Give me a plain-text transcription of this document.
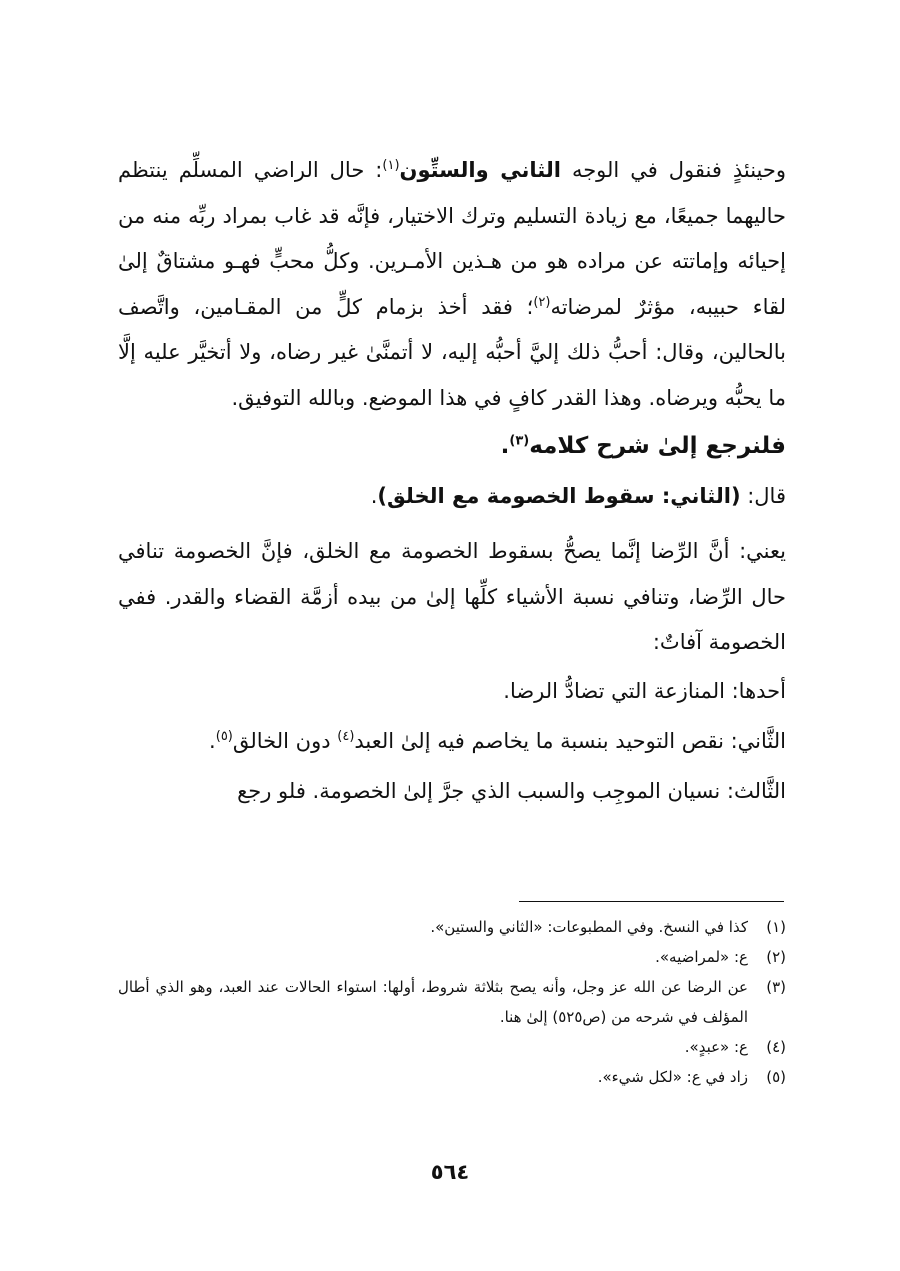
وحينئذٍ فنقول في الوجه الثاني والستِّون$^{(١)}$: حال الراضي المسلِّم ينتظم حاليهما جميعًا، مع زيادة التسليم وترك الاختيار، فإنَّه قد غاب بمراد ربِّه منه من إحيائه وإماتته عن مراده هو من هـذين الأمـرين. وكلُّ محبٍّ فهـو مشتاقٌ إلىٰ لقاء حبيبه، مؤثرٌ لمرضاته$^{(٢)}$؛ فقد أخذ بزمام كلٍّ من المقـامين، واتَّصف بالحالين، وقال: أحبُّ ذلك إليَّ أحبُّه إليه، لا أتمنَّىٰ غير رضاه، ولا أتخيَّر عليه إلَّا ما يحبُّه ويرضاه. وهذا القدر كافٍ في هذا الموضع. وبالله التوفيق.

فلنرجع إلىٰ شرح كلامه$^{(٣)}$.

قال: (الثاني: سقوط الخصومة مع الخلق).

يعني: أنَّ الرِّضا إنَّما يصحُّ بسقوط الخصومة مع الخلق، فإنَّ الخصومة تنافي حال الرِّضا، وتنافي نسبة الأشياء كلِّها إلىٰ من بيده أزمَّة القضاء والقدر. ففي الخصومة آفاتٌ:

أحدها: المنازعة التي تضادُّ الرضا.

الثَّاني: نقص التوحيد بنسبة ما يخاصم فيه إلىٰ العبد$^{(٤)}$ دون الخالق$^{(٥)}$.

الثَّالث: نسيان الموجِب والسبب الذي جرَّ إلىٰ الخصومة. فلو رجع

(١)
كذا في النسخ. وفي المطبوعات: «الثاني والستين».
(٢)
ع: «لمراضيه».
(٣)
عن الرضا عن الله عز وجل، وأنه يصح بثلاثة شروط، أولها: استواء الحالات عند العبد، وهو الذي أطال المؤلف في شرحه من (ص٥٢٥) إلىٰ هنا.
(٤)
ع: «عبدٍ».
(٥)
زاد في ع: «لكل شيء».
٥٦٤
